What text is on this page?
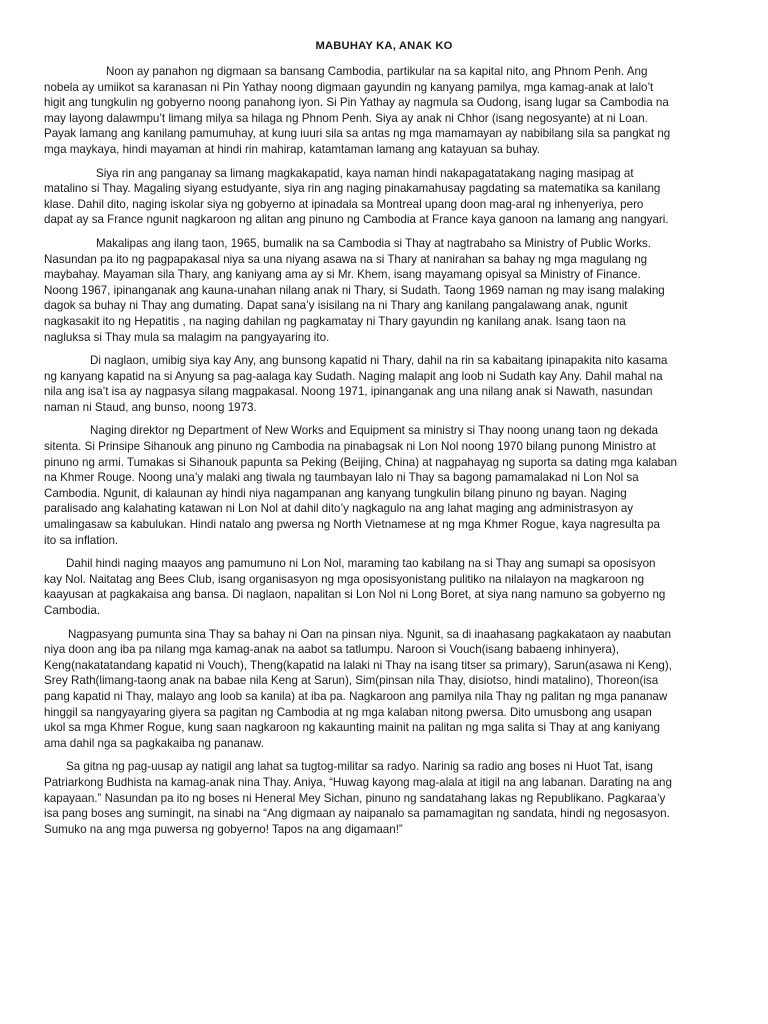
MABUHAY KA, ANAK KO

Noon ay panahon ng digmaan sa bansang Cambodia, partikular na sa kapital nito, ang Phnom Penh. Ang
nobela ay umiikot sa karanasan ni Pin Yathay noong digmaan gayundin ng kanyang pamilya, mga kamag-anak at lalo’t
higit ang tungkulin ng gobyerno noong panahong iyon. Si Pin Yathay ay nagmula sa Oudong, isang lugar sa Cambodia na
may layong dalawmpu’t limang milya sa hilaga ng Phnom Penh. Siya ay anak ni Chhor (isang negosyante) at ni Loan.
Payak lamang ang kanilang pamumuhay, at kung iuuri sila sa antas ng mga mamamayan ay nabibilang sila sa pangkat ng
mga maykaya, hindi mayaman at hindi rin mahirap, katamtaman lamang ang katayuan sa buhay.

Siya rin ang panganay sa limang magkakapatid, kaya naman hindi nakapagatatakang naging masipag at
matalino si Thay. Magaling siyang estudyante, siya rin ang naging pinakamahusay pagdating sa matematika sa kanilang
klase. Dahil dito, naging iskolar siya ng gobyerno at ipinadala sa Montreal upang doon mag-aral ng inhenyeriya, pero
dapat ay sa France ngunit nagkaroon ng alitan ang pinuno ng Cambodia at France kaya ganoon na lamang ang nangyari.

Makalipas ang ilang taon, 1965, bumalik na sa Cambodia si Thay at nagtrabaho sa Ministry of Public Works.
Nasundan pa ito ng pagpapakasal niya sa una niyang asawa na si Thary at nanirahan sa bahay ng mga magulang ng
maybahay. Mayaman sila Thary, ang kaniyang ama ay si Mr. Khem, isang mayamang opisyal sa Ministry of Finance.
Noong 1967, ipinanganak ang kauna-unahan nilang anak ni Thary, si Sudath. Taong 1969 naman ng may isang malaking
dagok sa buhay ni Thay ang dumating. Dapat sana’y isisilang na ni Thary ang kanilang pangalawang anak, ngunit
nagkasakit ito ng Hepatitis , na naging dahilan ng pagkamatay ni Thary gayundin ng kanilang anak. Isang taon na
nagluksa si Thay mula sa malagim na pangyayaring ito.

Di naglaon, umibig siya kay Any, ang bunsong kapatid ni Thary, dahil na rin sa kabaitang ipinapakita nito kasama
ng kanyang kapatid na si Anyung sa pag-aalaga kay Sudath. Naging malapit ang loob ni Sudath kay Any. Dahil mahal na
nila ang isa’t isa ay nagpasya silang magpakasal. Noong 1971, ipinanganak ang una nilang anak si Nawath, nasundan
naman ni Staud, ang bunso, noong 1973.

Naging direktor ng Department of New Works and Equipment sa ministry si Thay noong unang taon ng dekada
sitenta. Si Prinsipe Sihanouk ang pinuno ng Cambodia na pinabagsak ni Lon Nol noong 1970 bilang punong Ministro at
pinuno ng armi. Tumakas si Sihanouk papunta sa Peking (Beijing, China) at nagpahayag ng suporta sa dating mga kalaban
na Khmer Rouge. Noong una’y malaki ang tiwala ng taumbayan lalo ni Thay sa bagong pamamalakad ni Lon Nol sa
Cambodia. Ngunit, di kalaunan ay hindi niya nagampanan ang kanyang tungkulin bilang pinuno ng bayan. Naging
paralisado ang kalahating katawan ni Lon Nol at dahil dito’y nagkagulo na ang lahat maging ang administrasyon ay
umalingasaw sa kabulukan. Hindi natalo ang pwersa ng North Vietnamese at ng mga Khmer Rogue, kaya nagresulta pa
ito sa inflation.

Dahil hindi naging maayos ang pamumuno ni Lon Nol, maraming tao kabilang na si Thay ang sumapi sa oposisyon
kay Nol. Naitatag ang Bees Club, isang organisasyon ng mga oposisyonistang pulitiko na nilalayon na magkaroon ng
kaayusan at pagkakaisa ang bansa. Di naglaon, napalitan si Lon Nol ni Long Boret, at siya nang namuno sa gobyerno ng
Cambodia.

Nagpasyang pumunta sina Thay sa bahay ni Oan na pinsan niya. Ngunit, sa di inaahasang pagkakataon ay naabutan
niya doon ang iba pa nilang mga kamag-anak na aabot sa tatlumpu. Naroon si Vouch(isang babaeng inhinyera),
Keng(nakatatandang kapatid ni Vouch), Theng(kapatid na lalaki ni Thay na isang titser sa primary), Sarun(asawa ni Keng),
Srey Rath(limang-taong anak na babae nila Keng at Sarun), Sim(pinsan nila Thay, disiotso, hindi matalino), Thoreon(isa
pang kapatid ni Thay, malayo ang loob sa kanila) at iba pa. Nagkaroon ang pamilya nila Thay ng palitan ng mga pananaw
hinggil sa nangyayaring giyera sa pagitan ng Cambodia at ng mga kalaban nitong pwersa. Dito umusbong ang usapan
ukol sa mga Khmer Rogue, kung saan nagkaroon ng kakaunting mainit na palitan ng mga salita si Thay at ang kaniyang
ama dahil nga sa pagkakaiba ng pananaw.

Sa gitna ng pag-uusap ay natigil ang lahat sa tugtog-militar sa radyo. Narinig sa radio ang boses ni Huot Tat, isang
Patriarkong Budhista na kamag-anak nina Thay. Aniya, “Huwag kayong mag-alala at itigil na ang labanan. Darating na ang
kapayaan.” Nasundan pa ito ng boses ni Heneral Mey Sichan, pinuno ng sandatahang lakas ng Republikano. Pagkaraa’y
isa pang boses ang sumingit, na sinabi na “Ang digmaan ay naipanalo sa pamamagitan ng sandata, hindi ng negosasyon.
Sumuko na ang mga puwersa ng gobyerno! Tapos na ang digamaan!”
